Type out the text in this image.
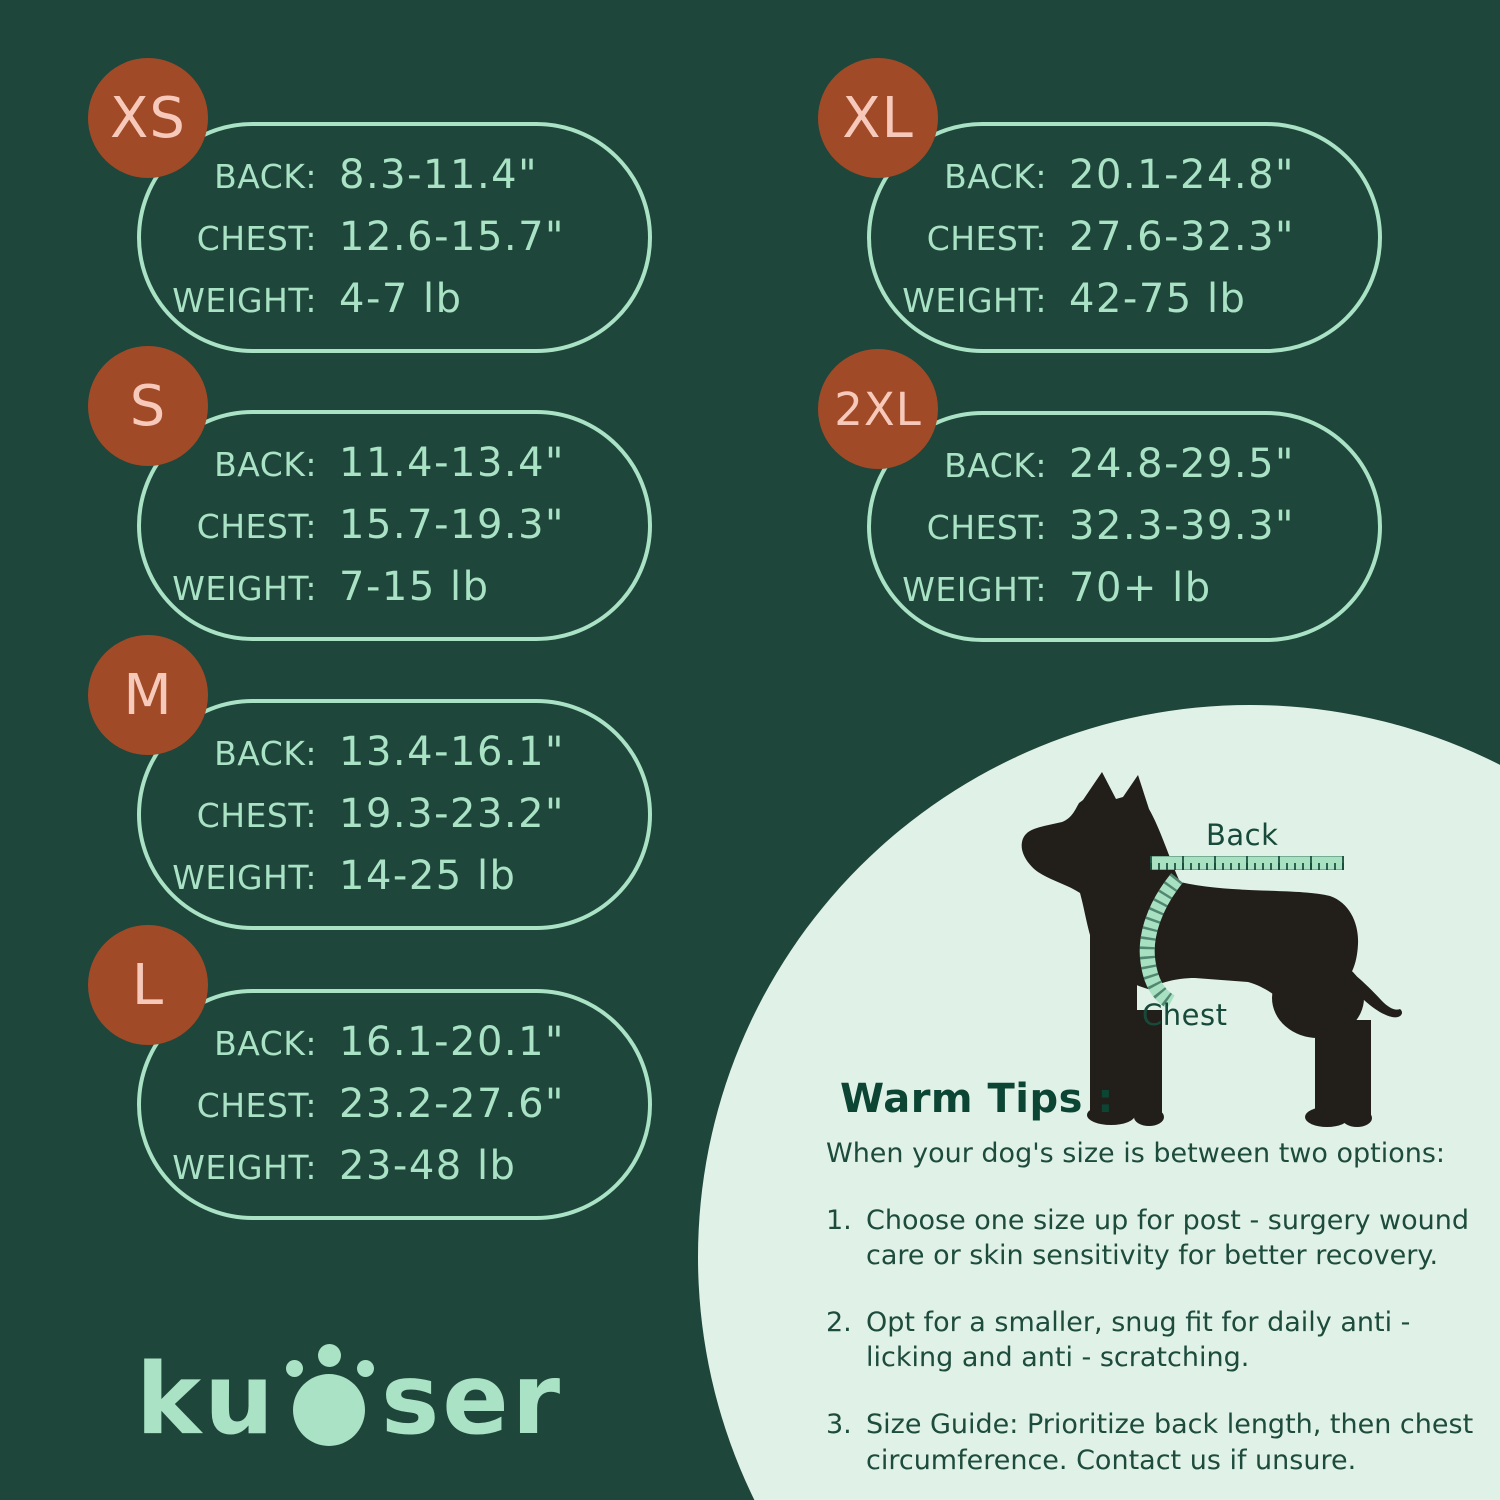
XS
BACK: 8.3-11.4"
CHEST: 12.6-15.7"
WEIGHT: 4-7 lb
S
BACK: 11.4-13.4"
CHEST: 15.7-19.3"
WEIGHT: 7-15 lb
M
BACK: 13.4-16.1"
CHEST: 19.3-23.2"
WEIGHT: 14-25 lb
L
BACK: 16.1-20.1"
CHEST: 23.2-27.6"
WEIGHT: 23-48 lb
XL
BACK: 20.1-24.8"
CHEST: 27.6-32.3"
WEIGHT: 42-75 lb
2XL
BACK: 24.8-29.5"
CHEST: 32.3-39.3"
WEIGHT: 70+ lb
Back
Chest
Warm Tips :

When your dog's size is between two options:

1. Choose one size up for post - surgery wound care or skin sensitivity for better recovery.
2. Opt for a smaller, snug fit for daily anti - licking and anti - scratching.
3. Size Guide: Prioritize back length, then chest circumference. Contact us if unsure.
ku ser
